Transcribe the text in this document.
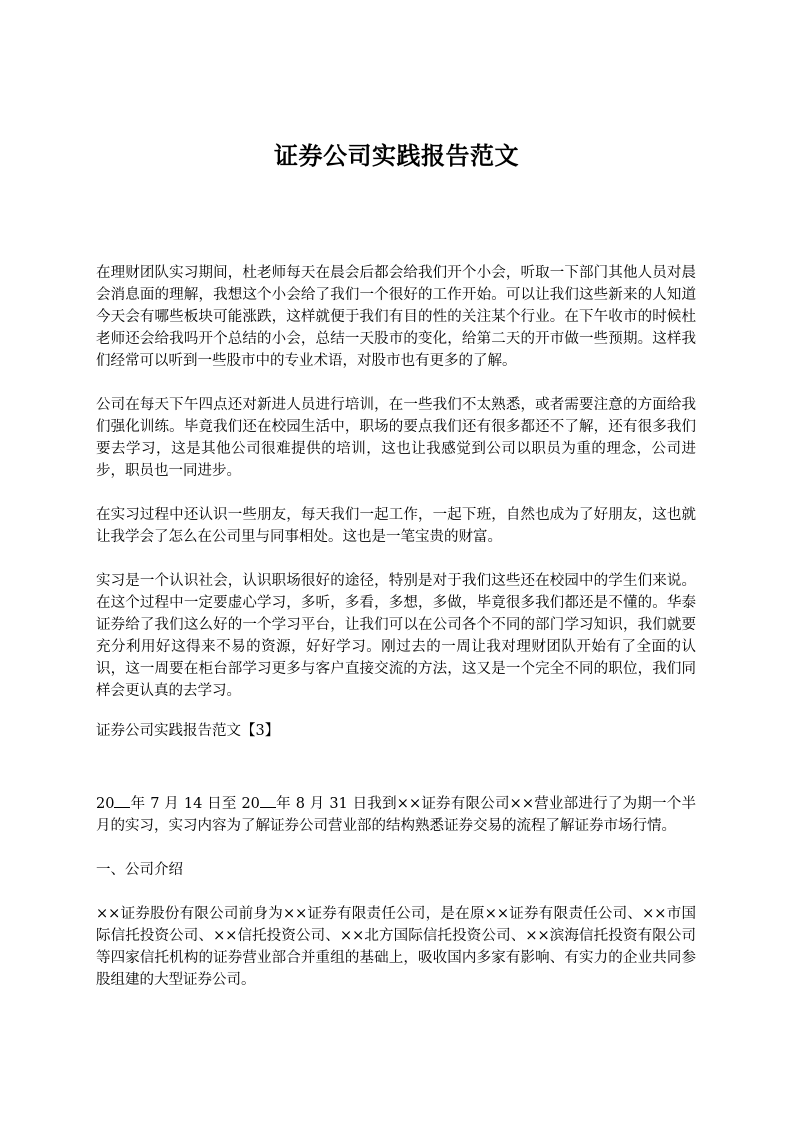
证券公司实践报告范文

在理财团队实习期间，杜老师每天在晨会后都会给我们开个小会，听取一下部门其他人员对晨会消息面的理解，我想这个小会给了我们一个很好的工作开始。可以让我们这些新来的人知道今天会有哪些板块可能涨跌，这样就便于我们有目的性的关注某个行业。在下午收市的时候杜老师还会给我吗开个总结的小会，总结一天股市的变化，给第二天的开市做一些预期。这样我们经常可以听到一些股市中的专业术语，对股市也有更多的了解。

公司在每天下午四点还对新进人员进行培训，在一些我们不太熟悉，或者需要注意的方面给我们强化训练。毕竟我们还在校园生活中，职场的要点我们还有很多都还不了解，还有很多我们要去学习，这是其他公司很难提供的培训，这也让我感觉到公司以职员为重的理念，公司进步，职员也一同进步。

在实习过程中还认识一些朋友，每天我们一起工作，一起下班，自然也成为了好朋友，这也就让我学会了怎么在公司里与同事相处。这也是一笔宝贵的财富。

实习是一个认识社会，认识职场很好的途径，特别是对于我们这些还在校园中的学生们来说。在这个过程中一定要虚心学习，多听，多看，多想，多做，毕竟很多我们都还是不懂的。华泰证券给了我们这么好的一个学习平台，让我们可以在公司各个不同的部门学习知识，我们就要充分利用好这得来不易的资源，好好学习。刚过去的一周让我对理财团队开始有了全面的认识，这一周要在柜台部学习更多与客户直接交流的方法，这又是一个完全不同的职位，我们同样会更认真的去学习。

证券公司实践报告范文【3】

20 年 7 月 14 日至 20 年 8 月 31 日我到××证券有限公司××营业部进行了为期一个半月的实习，实习内容为了解证券公司营业部的结构熟悉证券交易的流程了解证券市场行情。

一、公司介绍

××证券股份有限公司前身为××证券有限责任公司，是在原××证券有限责任公司、××市国际信托投资公司、××信托投资公司、××北方国际信托投资公司、××滨海信托投资有限公司等四家信托机构的证券营业部合并重组的基础上，吸收国内多家有影响、有实力的企业共同参股组建的大型证券公司。
